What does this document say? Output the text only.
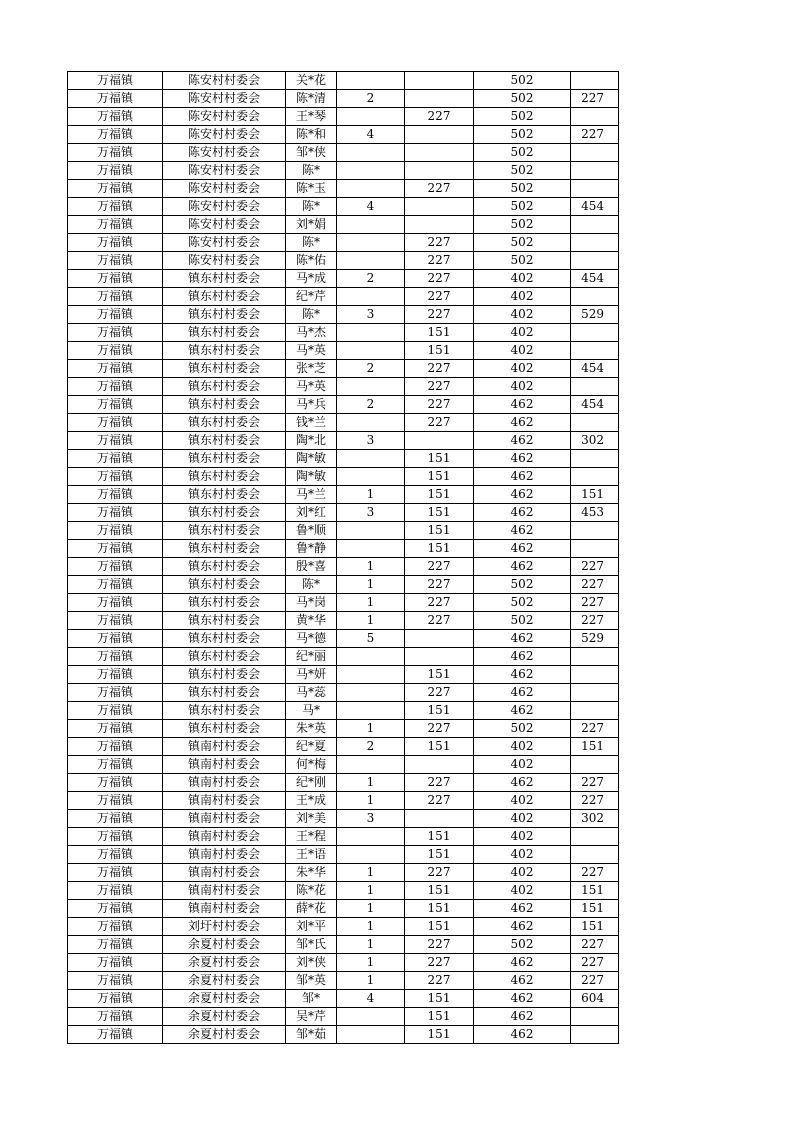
万福镇	陈安村村委会	关*花			502	
万福镇	陈安村村委会	陈*清	2		502	227
万福镇	陈安村村委会	王*琴		227	502	
万福镇	陈安村村委会	陈*和	4		502	227
万福镇	陈安村村委会	邹*侠			502	
万福镇	陈安村村委会	陈*			502	
万福镇	陈安村村委会	陈*玉		227	502	
万福镇	陈安村村委会	陈*	4		502	454
万福镇	陈安村村委会	刘*娟			502	
万福镇	陈安村村委会	陈*		227	502	
万福镇	陈安村村委会	陈*佑		227	502	
万福镇	镇东村村委会	马*成	2	227	402	454
万福镇	镇东村村委会	纪*芹		227	402	
万福镇	镇东村村委会	陈*	3	227	402	529
万福镇	镇东村村委会	马*杰		151	402	
万福镇	镇东村村委会	马*英		151	402	
万福镇	镇东村村委会	张*芝	2	227	402	454
万福镇	镇东村村委会	马*英		227	402	
万福镇	镇东村村委会	马*兵	2	227	462	454
万福镇	镇东村村委会	钱*兰		227	462	
万福镇	镇东村村委会	陶*北	3		462	302
万福镇	镇东村村委会	陶*敏		151	462	
万福镇	镇东村村委会	陶*敏		151	462	
万福镇	镇东村村委会	马*兰	1	151	462	151
万福镇	镇东村村委会	刘*红	3	151	462	453
万福镇	镇东村村委会	鲁*顺		151	462	
万福镇	镇东村村委会	鲁*静		151	462	
万福镇	镇东村村委会	殷*喜	1	227	462	227
万福镇	镇东村村委会	陈*	1	227	502	227
万福镇	镇东村村委会	马*岗	1	227	502	227
万福镇	镇东村村委会	黄*华	1	227	502	227
万福镇	镇东村村委会	马*德	5		462	529
万福镇	镇东村村委会	纪*丽			462	
万福镇	镇东村村委会	马*妍		151	462	
万福镇	镇东村村委会	马*蕊		227	462	
万福镇	镇东村村委会	马*		151	462	
万福镇	镇东村村委会	朱*英	1	227	502	227
万福镇	镇南村村委会	纪*夏	2	151	402	151
万福镇	镇南村村委会	何*梅			402	
万福镇	镇南村村委会	纪*刚	1	227	462	227
万福镇	镇南村村委会	王*成	1	227	402	227
万福镇	镇南村村委会	刘*美	3		402	302
万福镇	镇南村村委会	王*程		151	402	
万福镇	镇南村村委会	王*语		151	402	
万福镇	镇南村村委会	朱*华	1	227	402	227
万福镇	镇南村村委会	陈*花	1	151	402	151
万福镇	镇南村村委会	薛*花	1	151	462	151
万福镇	刘圩村村委会	刘*平	1	151	462	151
万福镇	余夏村村委会	邹*氏	1	227	502	227
万福镇	余夏村村委会	刘*侠	1	227	462	227
万福镇	余夏村村委会	邹*英	1	227	462	227
万福镇	余夏村村委会	邹*	4	151	462	604
万福镇	余夏村村委会	吴*芹		151	462	
万福镇	余夏村村委会	邹*茹		151	462	
